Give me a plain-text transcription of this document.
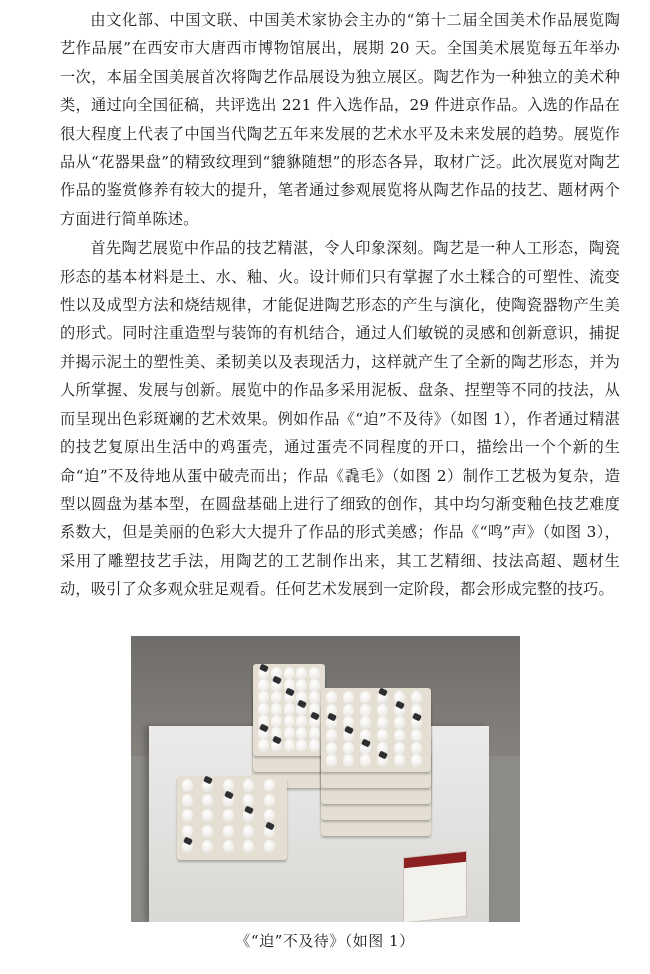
由文化部、中国文联、中国美术家协会主办的“第十二届全国美术作品展览陶艺作品展”在西安市大唐西市博物馆展出，展期 20 天。全国美术展览每五年举办一次，本届全国美展首次将陶艺作品展设为独立展区。陶艺作为一种独立的美术种类，通过向全国征稿，共评选出 221 件入选作品，29 件进京作品。入选的作品在很大程度上代表了中国当代陶艺五年来发展的艺术水平及未来发展的趋势。展览作品从“花器果盘”的精致纹理到“貔貅随想”的形态各异，取材广泛。此次展览对陶艺作品的鉴赏修养有较大的提升，笔者通过参观展览将从陶艺作品的技艺、题材两个方面进行简单陈述。

首先陶艺展览中作品的技艺精湛，令人印象深刻。陶艺是一种人工形态，陶瓷形态的基本材料是土、水、釉、火。设计师们只有掌握了水土糅合的可塑性、流变性以及成型方法和烧结规律，才能促进陶艺形态的产生与演化，使陶瓷器物产生美的形式。同时注重造型与装饰的有机结合，通过人们敏锐的灵感和创新意识，捕捉并揭示泥土的塑性美、柔韧美以及表现活力，这样就产生了全新的陶艺形态，并为人所掌握、发展与创新。展览中的作品多采用泥板、盘条、捏塑等不同的技法，从而呈现出色彩斑斓的艺术效果。例如作品《“迫”不及待》（如图 1），作者通过精湛的技艺复原出生活中的鸡蛋壳，通过蛋壳不同程度的开口，描绘出一个个新的生命“迫”不及待地从蛋中破壳而出；作品《毳毛》（如图 2）制作工艺极为复杂，造型以圆盘为基本型，在圆盘基础上进行了细致的创作，其中均匀渐变釉色技艺难度系数大，但是美丽的色彩大大提升了作品的形式美感；作品《“鸣”声》（如图 3），采用了雕塑技艺手法，用陶艺的工艺制作出来，其工艺精细、技法高超、题材生动，吸引了众多观众驻足观看。任何艺术发展到一定阶段，都会形成完整的技巧。

《“迫”不及待》（如图 1）
